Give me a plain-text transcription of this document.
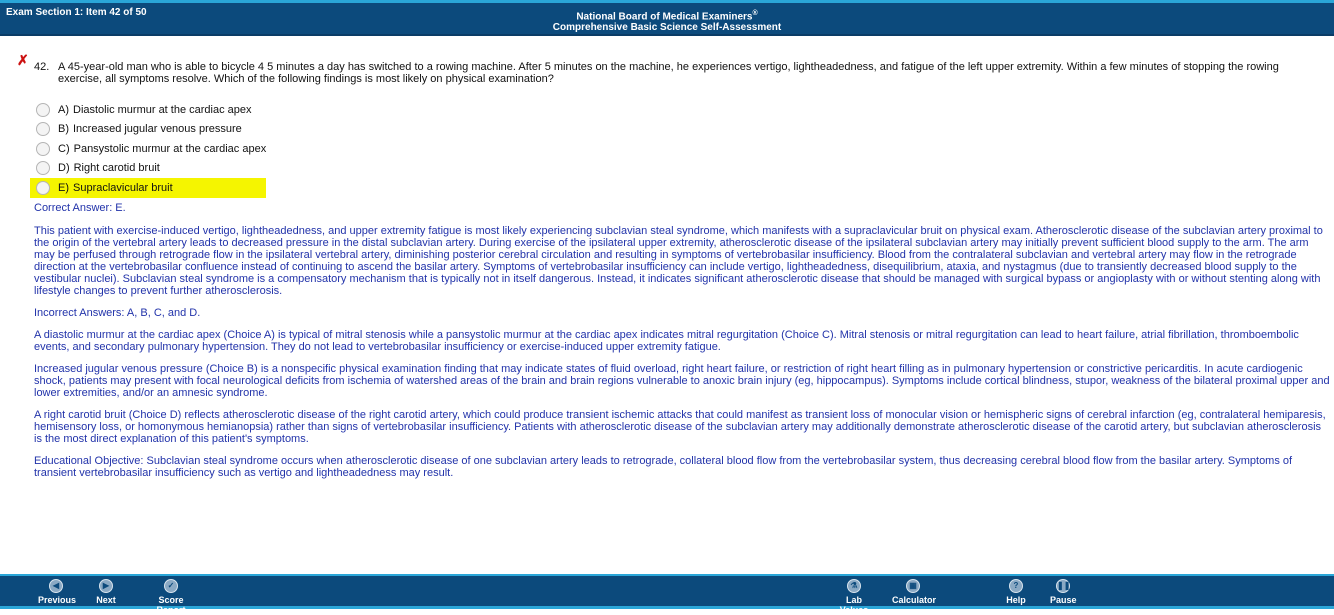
Exam Section 1: Item 42 of 50	National Board of Medical Examiners®
Comprehensive Basic Science Self-Assessment
✗ 42. A 45-year-old man who is able to bicycle 4 5 minutes a day has switched to a rowing machine. After 5 minutes on the machine, he experiences vertigo, lightheadedness, and fatigue of the left upper extremity. Within a few minutes of stopping the rowing exercise, all symptoms resolve. Which of the following findings is most likely on physical examination?
A) Diastolic murmur at the cardiac apex
B) Increased jugular venous pressure
C) Pansystolic murmur at the cardiac apex
D) Right carotid bruit
E) Supraclavicular bruit

Correct Answer: E.

This patient with exercise-induced vertigo, lightheadedness, and upper extremity fatigue is most likely experiencing subclavian steal syndrome, which manifests with a supraclavicular bruit on physical exam. Atherosclerotic disease of the subclavian artery proximal to the origin of the vertebral artery leads to decreased pressure in the distal subclavian artery. During exercise of the ipsilateral upper extremity, atherosclerotic disease of the ipsilateral subclavian artery may initially prevent sufficient blood supply to the arm. The arm may be perfused through retrograde flow in the ipsilateral vertebral artery, diminishing posterior cerebral circulation and resulting in symptoms of vertebrobasilar insufficiency. Blood from the contralateral subclavian and vertebral artery may flow in the retrograde direction at the vertebrobasilar confluence instead of continuing to ascend the basilar artery. Symptoms of vertebrobasilar insufficiency can include vertigo, lightheadedness, disequilibrium, ataxia, and nystagmus (due to transiently decreased blood supply to the vestibular nuclei). Subclavian steal syndrome is a compensatory mechanism that is typically not in itself dangerous. Instead, it indicates significant atherosclerotic disease that should be managed with surgical bypass or angioplasty with or without stenting along with lifestyle changes to prevent further atherosclerosis.

Incorrect Answers: A, B, C, and D.

A diastolic murmur at the cardiac apex (Choice A) is typical of mitral stenosis while a pansystolic murmur at the cardiac apex indicates mitral regurgitation (Choice C). Mitral stenosis or mitral regurgitation can lead to heart failure, atrial fibrillation, thromboembolic events, and secondary pulmonary hypertension. They do not lead to vertebrobasilar insufficiency or exercise-induced upper extremity fatigue.

Increased jugular venous pressure (Choice B) is a nonspecific physical examination finding that may indicate states of fluid overload, right heart failure, or restriction of right heart filling as in pulmonary hypertension or constrictive pericarditis. In acute cardiogenic shock, patients may present with focal neurological deficits from ischemia of watershed areas of the brain and brain regions vulnerable to anoxic brain injury (eg, hippocampus). Symptoms include cortical blindness, stupor, weakness of the bilateral proximal upper and lower extremities, and/or an amnesic syndrome.

A right carotid bruit (Choice D) reflects atherosclerotic disease of the right carotid artery, which could produce transient ischemic attacks that could manifest as transient loss of monocular vision or hemispheric signs of cerebral infarction (eg, contralateral hemiparesis, hemisensory loss, or homonymous hemianopsia) rather than signs of vertebrobasilar insufficiency. Patients with atherosclerotic disease of the subclavian artery may additionally demonstrate atherosclerotic disease of the carotid artery, but subclavian atherosclerosis is the most direct explanation of this patient's symptoms.

Educational Objective: Subclavian steal syndrome occurs when atherosclerotic disease of one subclavian artery leads to retrograde, collateral blood flow from the vertebrobasilar system, thus decreasing cerebral blood flow from the basilar artery. Symptoms of transient vertebrobasilar insufficiency such as vertigo and lightheadedness may result.

◀
Previous
▶
Next
✓
Score Report
⚗
Lab Values
▦
Calculator
?
Help
❚❚
Pause
